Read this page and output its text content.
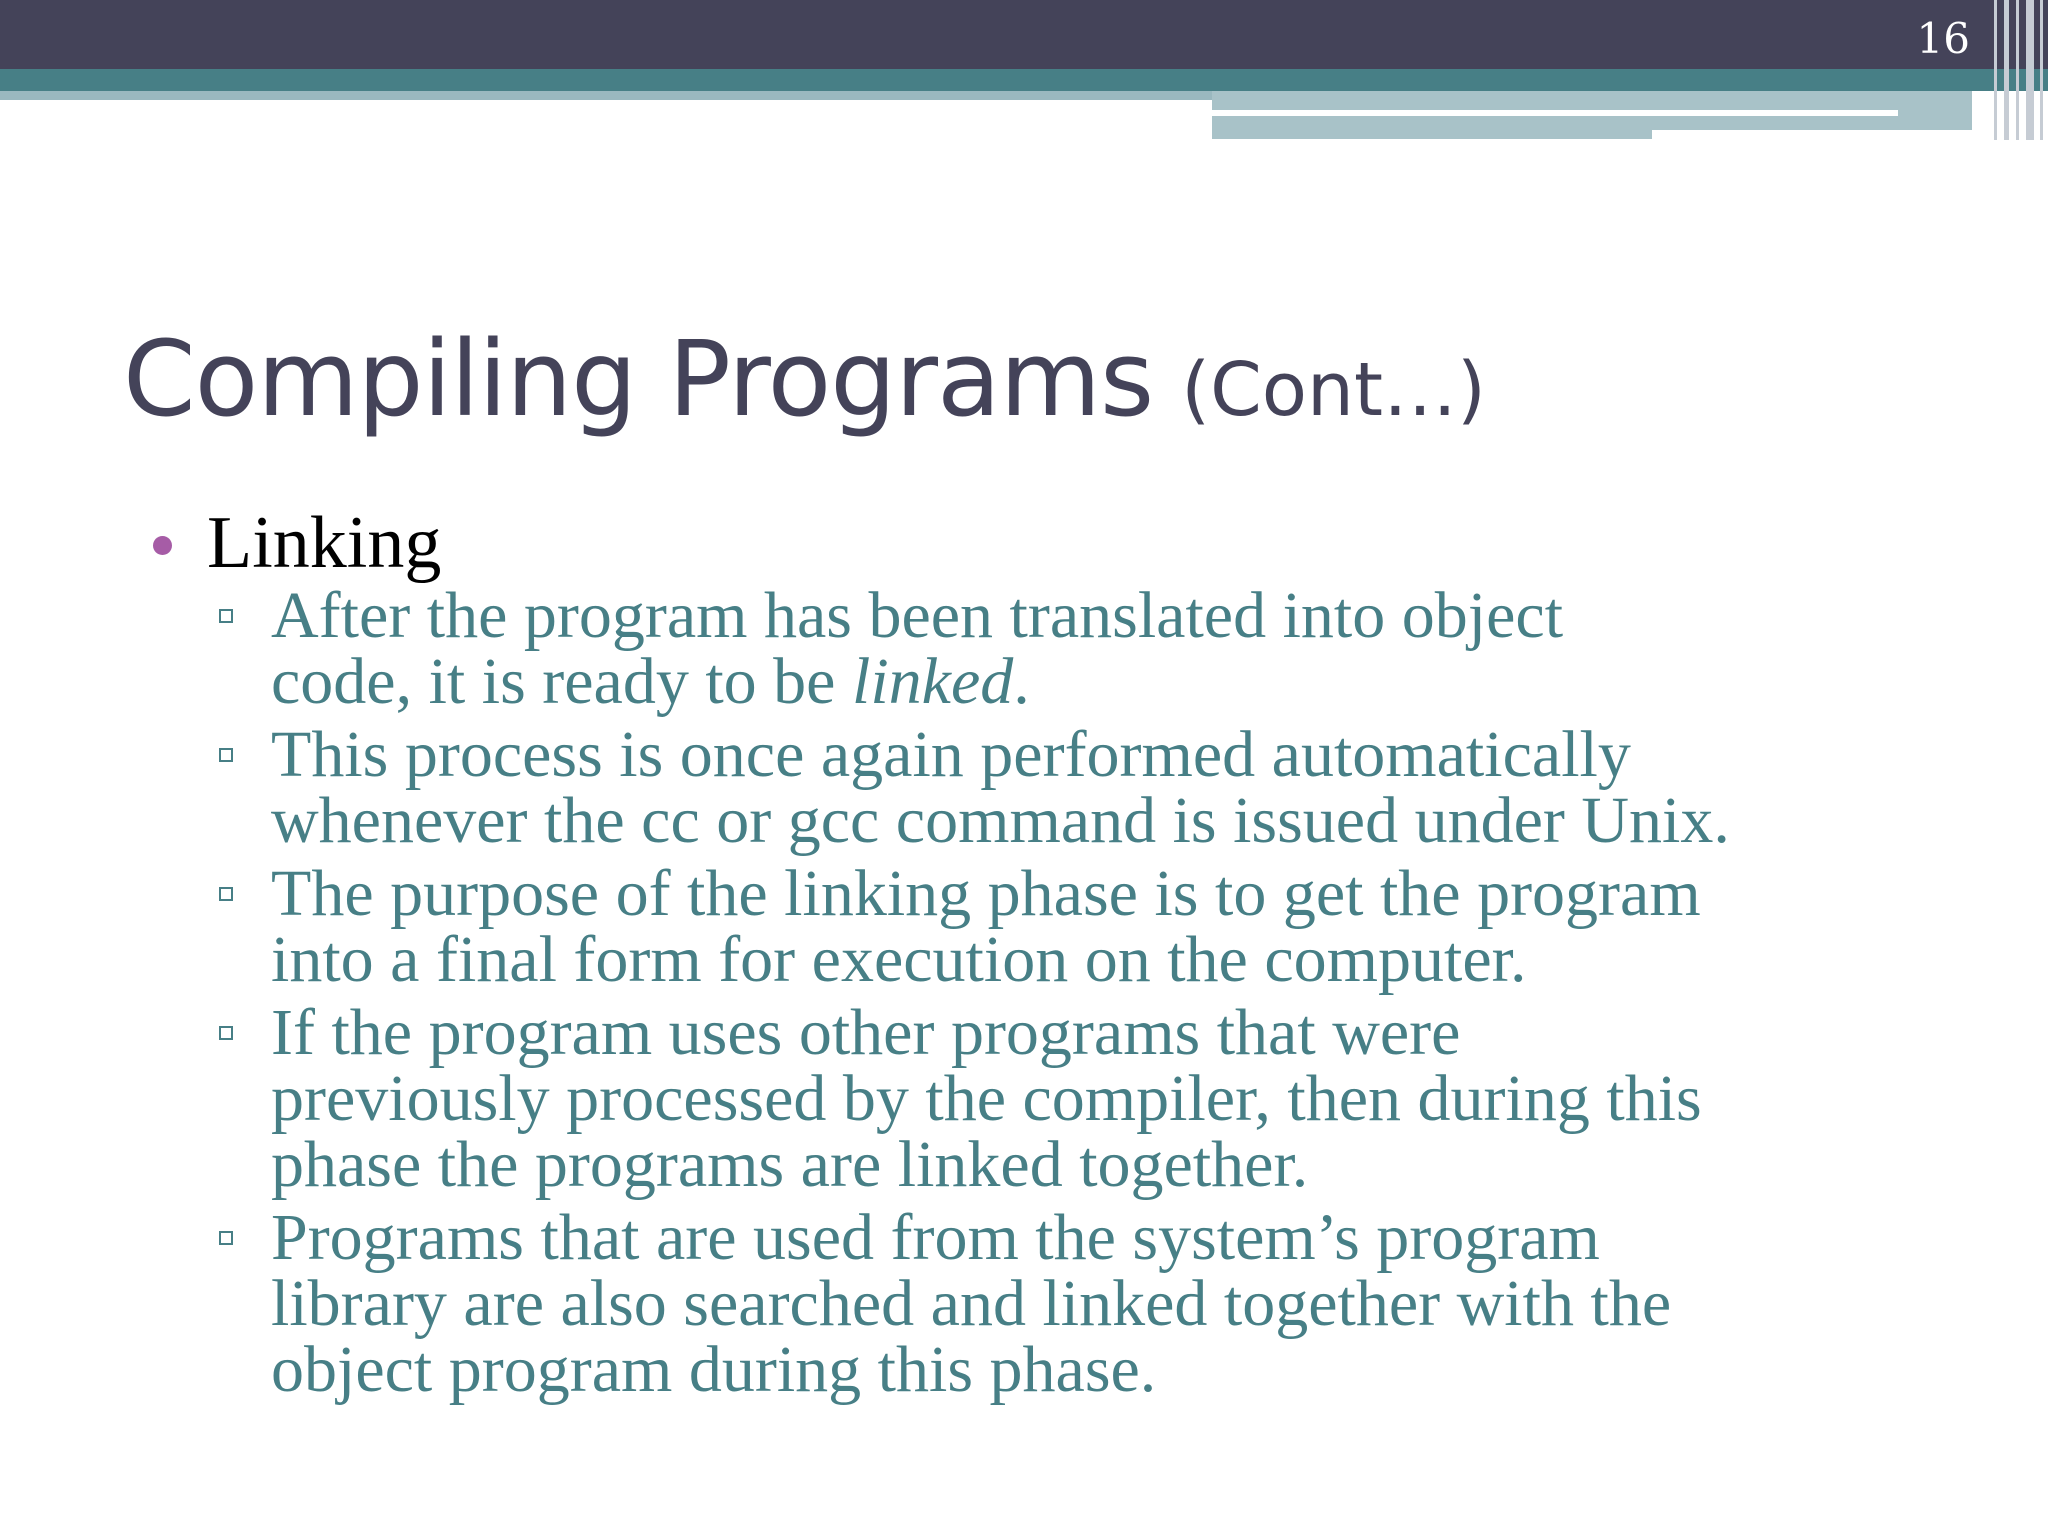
16
Compiling Programs (Cont…)
Linking
After the program has been translated into object
code, it is ready to be linked.
This process is once again performed automatically
whenever the cc or gcc command is issued under Unix.
The purpose of the linking phase is to get the program
into a final form for execution on the computer.
If the program uses other programs that were
previously processed by the compiler, then during this
phase the programs are linked together.
Programs that are used from the system’s program
library are also searched and linked together with the
object program during this phase.
